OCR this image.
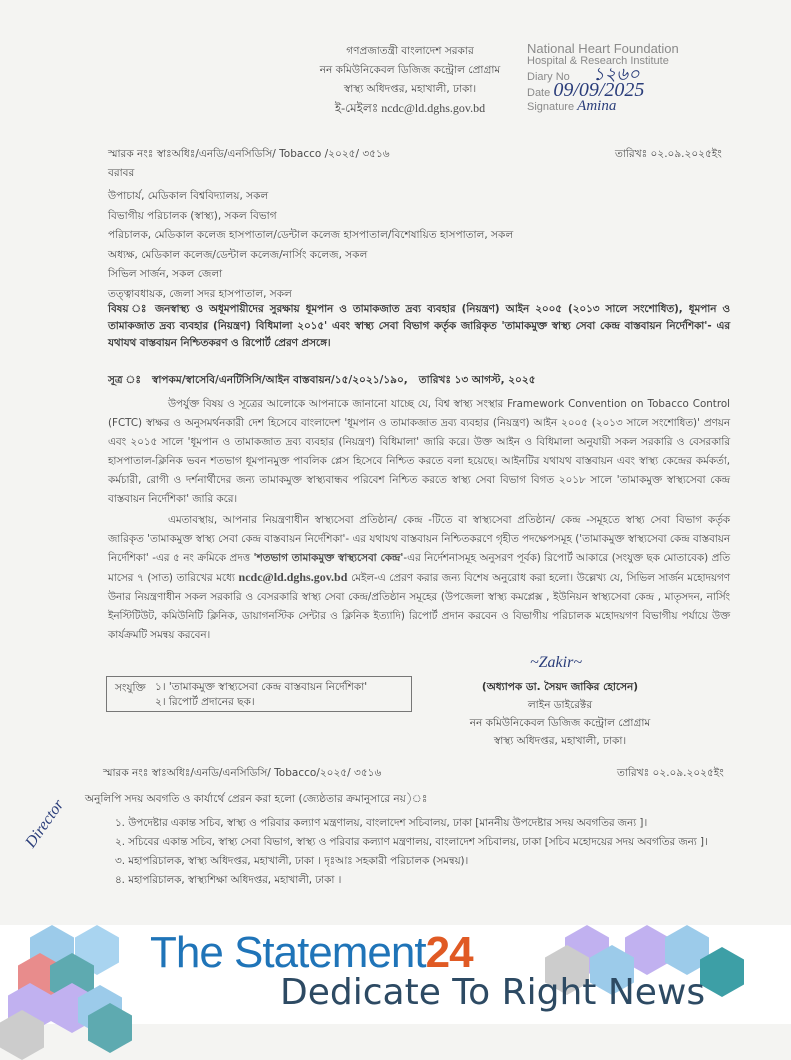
গণপ্রজাতন্ত্রী বাংলাদেশ সরকার
নন কমিউনিকেবল ডিজিজ কন্ট্রোল প্রোগ্রাম
স্বাস্থ্য অধিদপ্তর, মহাখালী, ঢাকা।
ই-মেইলঃ ncdc@ld.dghs.gov.bd
National Heart Foundation
Hospital & Research Institute
Diary No ১২৬০
Date 09/09/2025
Signature Amina
স্মারক নংঃ স্বাঃঅধিঃ/এনডি/এনসিডিসি/ Tobacco /২০২৫/ ৩৫১৬	তারিখঃ ০২.০৯.২০২৫ইং
বরাবর
উপাচার্য, মেডিকাল বিশ্ববিদ্যালয়, সকল
বিভাগীয় পরিচালক (স্বাস্থ্য), সকল বিভাগ
পরিচালক, মেডিকাল কলেজ হাসপাতাল/ডেন্টাল কলেজ হাসপাতাল/বিশেষায়িত হাসপাতাল, সকল
অধ্যক্ষ, মেডিকাল কলেজ/ডেন্টাল কলেজ/নার্সিং কলেজ, সকল
সিভিল সার্জন, সকল জেলা
তত্ত্বাবধায়ক, জেলা সদর হাসপাতাল, সকল
বিষয় ঃ জনস্বাস্থ্য ও অধূমপায়ীদের সুরক্ষায় ধূমপান ও তামাকজাত দ্রব্য ব্যবহার (নিয়ন্ত্রণ) আইন ২০০৫ (২০১৩ সালে সংশোধিত), ধূমপান ও তামাকজাত দ্রব্য ব্যবহার (নিয়ন্ত্রণ) বিধিমালা ২০১৫' এবং স্বাস্থ্য সেবা বিভাগ কর্তৃক জারিকৃত 'তামাকমুক্ত স্বাস্থ্য সেবা কেন্দ্র বাস্তবায়ন নির্দেশিকা'- এর যথাযথ বাস্তবায়ন নিশ্চিতকরণ ও রিপোর্ট প্রেরণ প্রসঙ্গে।
সূত্র ঃ স্বাপকম/স্বাসেবি/এনটিসিসি/আইন বাস্তবায়ন/১৫/২০২১/১৯০, তারিখঃ ১৩ আগস্ট, ২০২৫
উপর্যুক্ত বিষয় ও সূত্রের আলোকে আপনাকে জানানো যাচ্ছে যে, বিশ্ব স্বাস্থ্য সংস্থার Framework Convention on Tobacco Control (FCTC) স্বাক্ষর ও অনুসমর্থনকারী দেশ হিসেবে বাংলাদেশ 'ধূমপান ও তামাকজাত দ্রব্য ব্যবহার (নিয়ন্ত্রণ) আইন ২০০৫ (২০১৩ সালে সংশোধিত)' প্রণয়ন এবং ২০১৫ সালে 'ধূমপান ও তামাকজাত দ্রব্য ব্যবহার (নিয়ন্ত্রণ) বিধিমালা' জারি করে। উক্ত আইন ও বিধিমালা অনুযায়ী সকল সরকারি ও বেসরকারি হাসপাতাল-ক্লিনিক ভবন শতভাগ ধূমপানমুক্ত পাবলিক প্লেস হিসেবে নিশ্চিত করতে বলা হয়েছে। আইনটির যথাযথ বাস্তবায়ন এবং স্বাস্থ্য কেন্দ্রের কর্মকর্তা, কর্মচারী, রোগী ও দর্শনার্থীদের জন্য তামাকমুক্ত স্বাস্থ্যবান্ধব পরিবেশ নিশ্চিত করতে স্বাস্থ্য সেবা বিভাগ বিগত ২০১৮ সালে 'তামাকমুক্ত স্বাস্থ্যসেবা কেন্দ্র বাস্তবায়ন নির্দেশিকা' জারি করে।
এমতাবস্থায়, আপনার নিয়ন্ত্রণাধীন স্বাস্থ্যসেবা প্রতিষ্ঠান/ কেন্দ্র -টিতে বা স্বাস্থ্যসেবা প্রতিষ্ঠান/ কেন্দ্র -সমূহতে স্বাস্থ্য সেবা বিভাগ কর্তৃক জারিকৃত 'তামাকমুক্ত স্বাস্থ্য সেবা কেন্দ্র বাস্তবায়ন নির্দেশিকা'- এর যথাযথ বাস্তবায়ন নিশ্চিতকরণে গৃহীত পদক্ষেপসমূহ ('তামাকমুক্ত স্বাস্থ্যসেবা কেন্দ্র বাস্তবায়ন নির্দেশিকা' -এর ৫ নং ক্রমিকে প্রদত্ত 'শতভাগ তামাকমুক্ত স্বাস্থ্যসেবা কেন্দ্র'-এর নির্দেশনাসমূহ অনুসরণ পূর্বক) রিপোর্ট আকারে (সংযুক্ত ছক মোতাবেক) প্রতি মাসের ৭ (সাত) তারিখের মধ্যে ncdc@ld.dghs.gov.bd মেইল-এ প্রেরণ করার জন্য বিশেষ অনুরোধ করা হলো। উল্লেখ্য যে, সিভিল সার্জন মহোদয়গণ উনার নিয়ন্ত্রণাধীন সকল সরকারি ও বেসরকারি স্বাস্থ্য সেবা কেন্দ্র/প্রতিষ্ঠান সমূহের (উপজেলা স্বাস্থ্য কমপ্লেক্স , ইউনিয়ন স্বাস্থ্যসেবা কেন্দ্র , মাতৃসদন, নার্সিং ইনস্টিটিউট, কমিউনিটি ক্লিনিক, ডায়াগনস্টিক সেন্টার ও ক্লিনিক ইত্যাদি) রিপোর্ট প্রদান করবেন ও বিভাগীয় পরিচালক মহোদয়গণ বিভাগীয় পর্যায়ে উক্ত কার্যক্রমটি সমন্বয় করবেন।
সংযুক্তি ১। 'তামাকমুক্ত স্বাস্থ্যসেবা কেন্দ্র বাস্তবায়ন নির্দেশিকা'
২। রিপোর্ট প্রদানের ছক।
~Zakir~
(অধ্যাপক ডা. সৈয়দ জাকির হোসেন)
লাইন ডাইরেক্টর
নন কমিউনিকেবল ডিজিজ কন্ট্রোল প্রোগ্রাম
স্বাস্থ্য অধিদপ্তর, মহাখালী, ঢাকা।
স্মারক নংঃ স্বাঃঅধিঃ/এনডি/এনসিডিসি/ Tobacco/২০২৫/ ৩৫১৬	তারিখঃ ০২.০৯.২০২৫ইং
Director অনুলিপি সদয় অবগতি ও কার্যার্থে প্রেরন করা হলো (জ্যেষ্ঠতার ক্রমানুসারে নয়)ঃ
১. উপদেষ্টার একান্ত সচিব, স্বাস্থ্য ও পরিবার কল্যাণ মন্ত্রণালয়, বাংলাদেশ সচিবালয়, ঢাকা [মাননীয় উপদেষ্টার সদয় অবগতির জন্য ]।
২. সচিবের একান্ত সচিব, স্বাস্থ্য সেবা বিভাগ, স্বাস্থ্য ও পরিবার কল্যাণ মন্ত্রণালয়, বাংলাদেশ সচিবালয়, ঢাকা [সচিব মহোদয়ের সদয় অবগতির জন্য ]।
৩. মহাপরিচালক, স্বাস্থ্য অধিদপ্তর, মহাখালী, ঢাকা । দৃঃআঃ সহকারী পরিচালক (সমন্বয়)।
৪. মহাপরিচালক, স্বাস্থ্যশিক্ষা অধিদপ্তর, মহাখালী, ঢাকা ।
The Statement24
Dedicate To Right News
